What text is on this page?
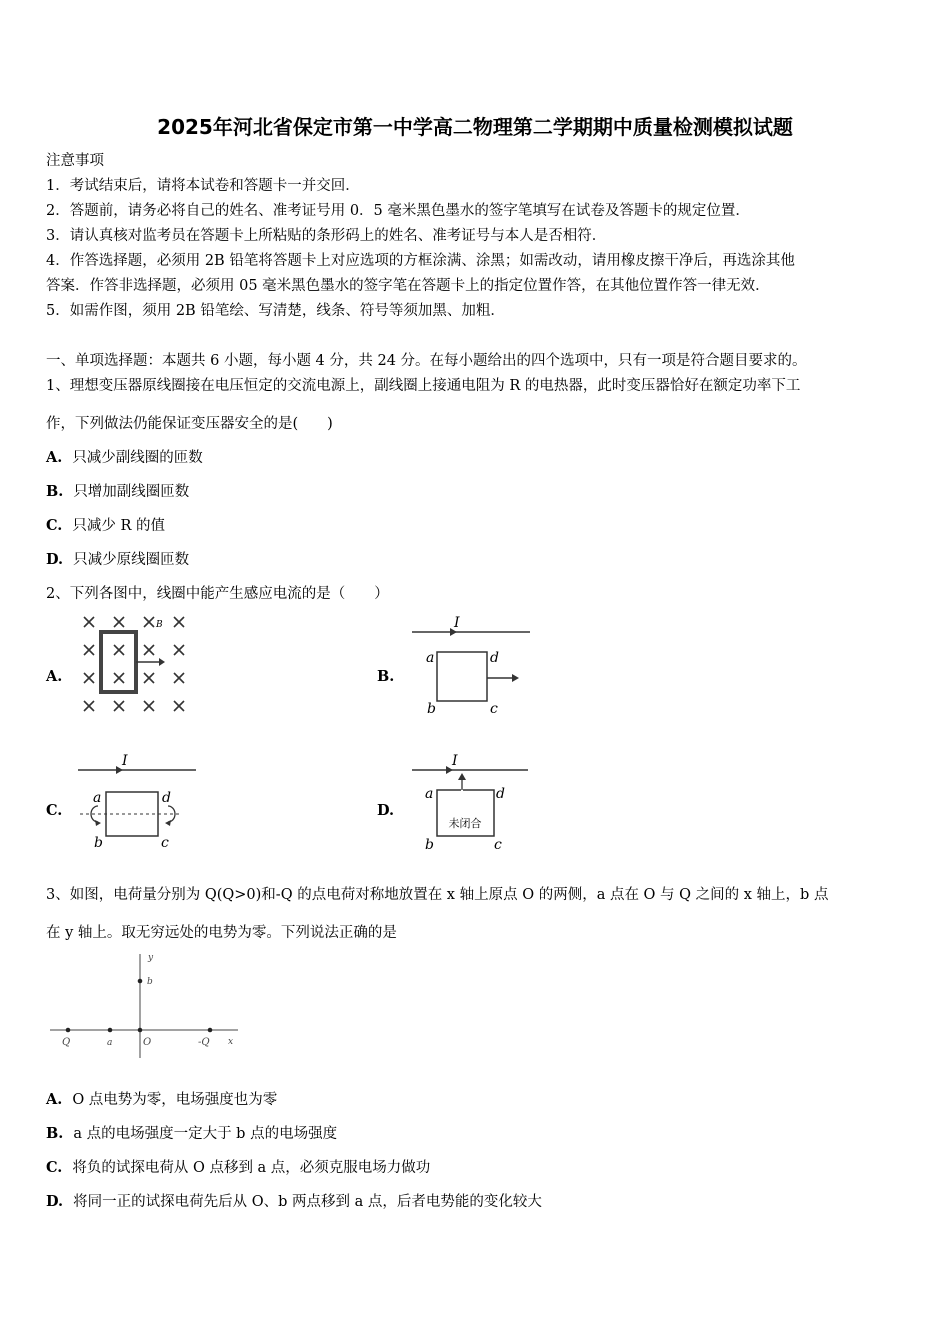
2025年河北省保定市第一中学高二物理第二学期期中质量检测模拟试题
注意事项
1．考试结束后，请将本试卷和答题卡一并交回．
2．答题前，请务必将自己的姓名、准考证号用 0．5 毫米黑色墨水的签字笔填写在试卷及答题卡的规定位置．
3．请认真核对监考员在答题卡上所粘贴的条形码上的姓名、准考证号与本人是否相符．
4．作答选择题，必须用 2B 铅笔将答题卡上对应选项的方框涂满、涂黑；如需改动，请用橡皮擦干净后，再选涂其他
答案．作答非选择题，必须用 05 毫米黑色墨水的签字笔在答题卡上的指定位置作答，在其他位置作答一律无效．
5．如需作图，须用 2B 铅笔绘、写清楚，线条、符号等须加黑、加粗．
一、单项选择题：本题共 6 小题，每小题 4 分，共 24 分。在每小题给出的四个选项中，只有一项是符合题目要求的。
1、理想变压器原线圈接在电压恒定的交流电源上，副线圈上接通电阻为 R 的电热器，此时变压器恰好在额定功率下工
作，下列做法仍能保证变压器安全的是(　　)
A. 只减少副线圈的匝数
B. 只增加副线圈匝数
C. 只减少 R 的值
D. 只减少原线圈匝数
2、下列各图中，线圈中能产生感应电流的是（　　）
A.
B
B.
I
a	d
b	c
C.
I
a	d
b	c
D.
I
未闭合
a	d
b	c
3、如图，电荷量分别为 Q(Q>0)和-Q 的点电荷对称地放置在 x 轴上原点 O 的两侧，a 点在 O 与 Q 之间的 x 轴上，b 点
在 y 轴上。取无穷远处的电势为零。下列说法正确的是
y
b
Q	a	O	-Q x
A. O 点电势为零，电场强度也为零
B. a 点的电场强度一定大于 b 点的电场强度
C. 将负的试探电荷从 O 点移到 a 点，必须克服电场力做功
D. 将同一正的试探电荷先后从 O、b 两点移到 a 点，后者电势能的变化较大
